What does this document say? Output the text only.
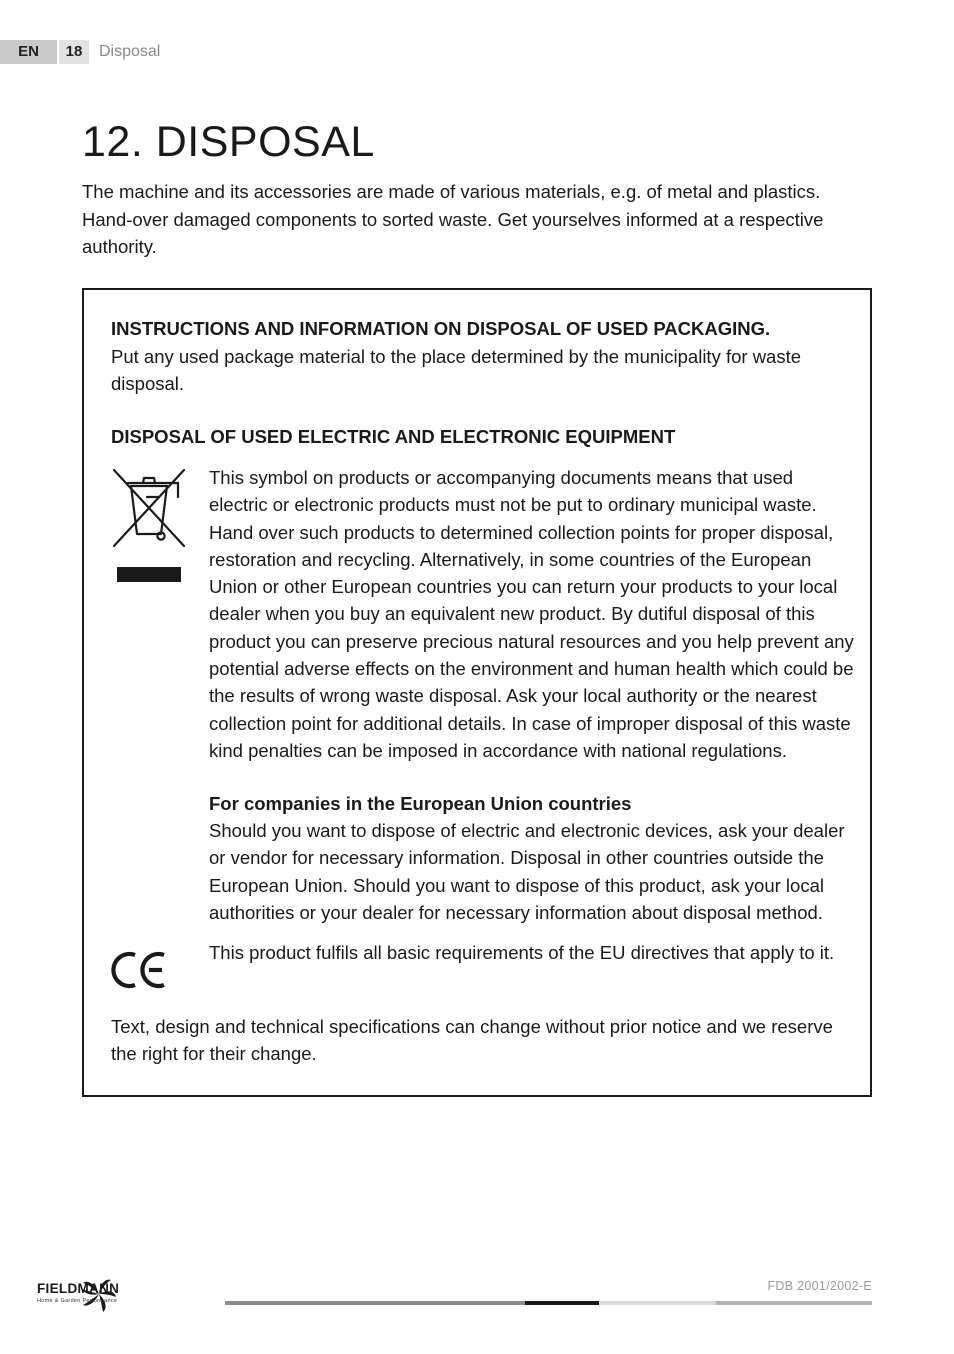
EN	18	Disposal
12. DISPOSAL

The machine and its accessories are made of various materials, e.g. of metal and plastics. Hand-over damaged components to sorted waste. Get yourselves informed at a respective authority.

INSTRUCTIONS AND INFORMATION ON DISPOSAL OF USED PACKAGING.

Put any used package material to the place determined by the municipality for waste disposal.

DISPOSAL OF USED ELECTRIC AND ELECTRONIC EQUIPMENT

This symbol on products or accompanying documents means that used electric or electronic products must not be put to ordinary municipal waste. Hand over such products to determined collection points for proper disposal, restoration and recycling. Alternatively, in some countries of the European Union or other European countries you can return your products to your local dealer when you buy an equivalent new product. By dutiful disposal of this product you can preserve precious natural resources and you help prevent any potential adverse effects on the environment and human health which could be the results of wrong waste disposal. Ask your local authority or the nearest collection point for additional details. In case of improper disposal of this waste kind penalties can be imposed in accordance with national regulations.

For companies in the European Union countries

Should you want to dispose of electric and electronic devices, ask your dealer or vendor for necessary information. Disposal in other countries outside the European Union. Should you want to dispose of this product, ask your local authorities or your dealer for necessary information about disposal method.

This product fulfils all basic requirements of the EU directives that apply to it.

Text, design and technical specifications can change without prior notice and we reserve the right for their change.

FIELDMANN
Home & Garden Performance
FDB 2001/2002-E
